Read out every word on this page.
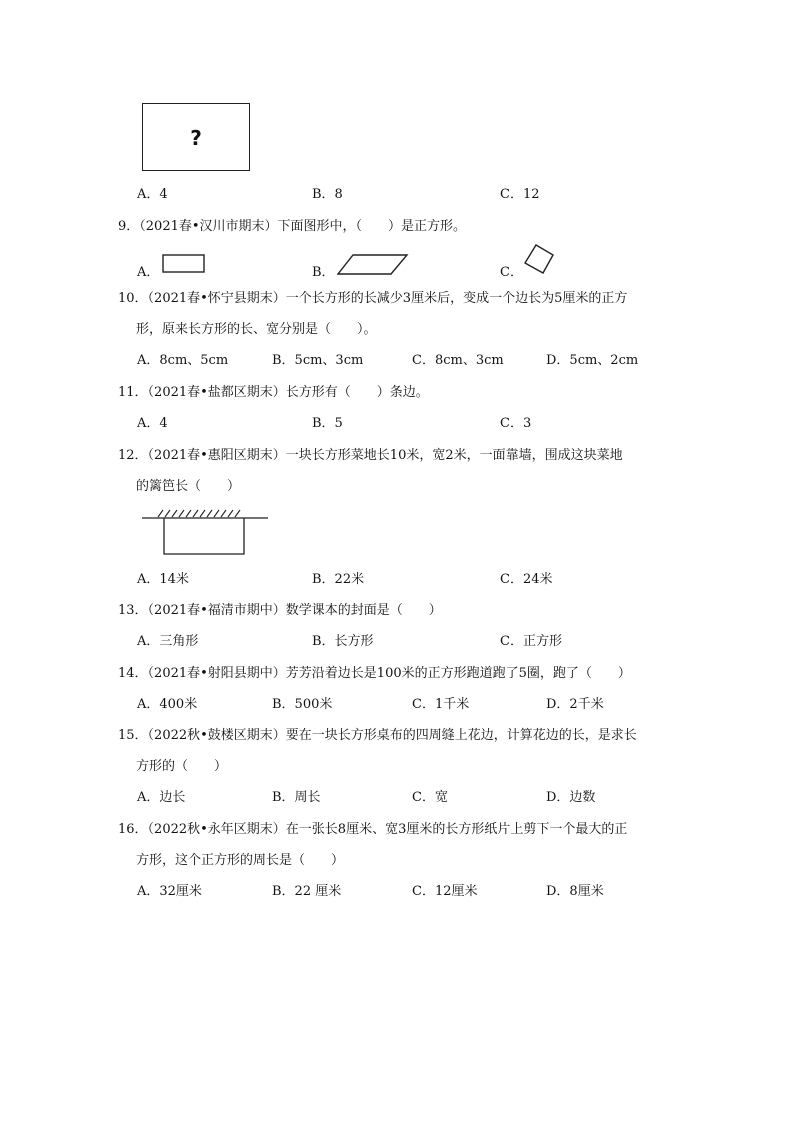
?
A．4	B．8	C．12
9．（2021春•汉川市期末）下面图形中，（　　）是正方形。
A．	B．	C．
10．（2021春•怀宁县期末）一个长方形的长减少3厘米后，变成一个边长为5厘米的正方
形，原来长方形的长、宽分别是（　　）。
A．8cm、5cm	B．5cm、3cm	C．8cm、3cm	D．5cm、2cm
11．（2021春•盐都区期末）长方形有（　　）条边。
A．4	B．5	C．3
12．（2021春•惠阳区期末）一块长方形菜地长10米，宽2米，一面靠墙，围成这块菜地
的篱笆长（　　）
A．14米	B．22米	C．24米
13．（2021春•福清市期中）数学课本的封面是（　　）
A．三角形	B．长方形	C．正方形
14．（2021春•射阳县期中）芳芳沿着边长是100米的正方形跑道跑了5圈，跑了（　　）
A．400米	B．500米	C．1千米	D．2千米
15．（2022秋•鼓楼区期末）要在一块长方形桌布的四周缝上花边，计算花边的长，是求长
方形的（　　）
A．边长	B．周长	C．宽	D．边数
16．（2022秋•永年区期末）在一张长8厘米、宽3厘米的长方形纸片上剪下一个最大的正
方形，这个正方形的周长是（　　）
A．32厘米	B．22 厘米	C．12厘米	D．8厘米
